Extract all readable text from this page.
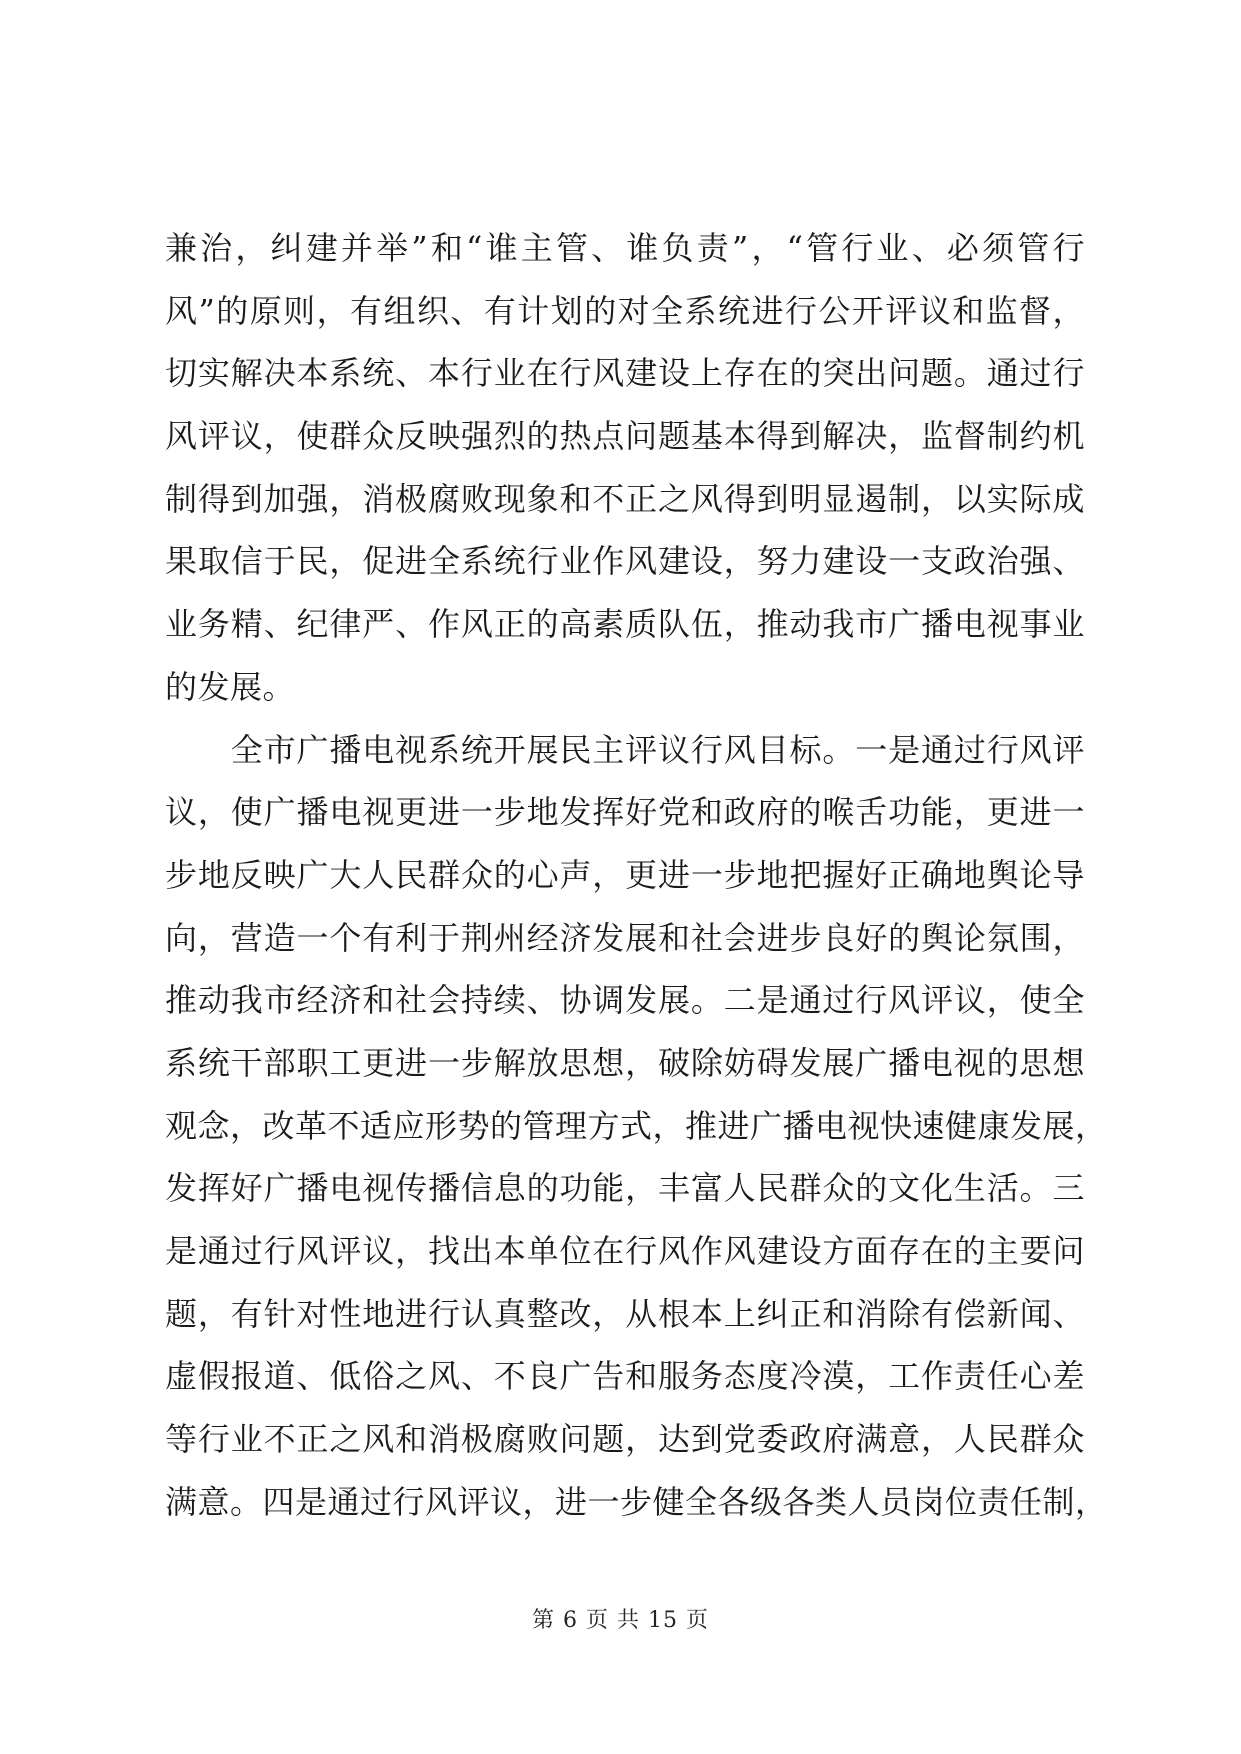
兼治，纠建并举”和“谁主管、谁负责”，“管行业、必须管行
风”的原则，有组织、有计划的对全系统进行公开评议和监督，
切实解决本系统、本行业在行风建设上存在的突出问题。通过行
风评议，使群众反映强烈的热点问题基本得到解决，监督制约机
制得到加强，消极腐败现象和不正之风得到明显遏制，以实际成
果取信于民，促进全系统行业作风建设，努力建设一支政治强、
业务精、纪律严、作风正的高素质队伍，推动我市广播电视事业
的发展。
　　全市广播电视系统开展民主评议行风目标。一是通过行风评
议，使广播电视更进一步地发挥好党和政府的喉舌功能，更进一
步地反映广大人民群众的心声，更进一步地把握好正确地舆论导
向，营造一个有利于荆州经济发展和社会进步良好的舆论氛围，
推动我市经济和社会持续、协调发展。二是通过行风评议，使全
系统干部职工更进一步解放思想，破除妨碍发展广播电视的思想
观念，改革不适应形势的管理方式，推进广播电视快速健康发展，
发挥好广播电视传播信息的功能，丰富人民群众的文化生活。三
是通过行风评议，找出本单位在行风作风建设方面存在的主要问
题，有针对性地进行认真整改，从根本上纠正和消除有偿新闻、
虚假报道、低俗之风、不良广告和服务态度冷漠，工作责任心差
等行业不正之风和消极腐败问题，达到党委政府满意，人民群众
满意。四是通过行风评议，进一步健全各级各类人员岗位责任制，
第 6 页 共 15 页
